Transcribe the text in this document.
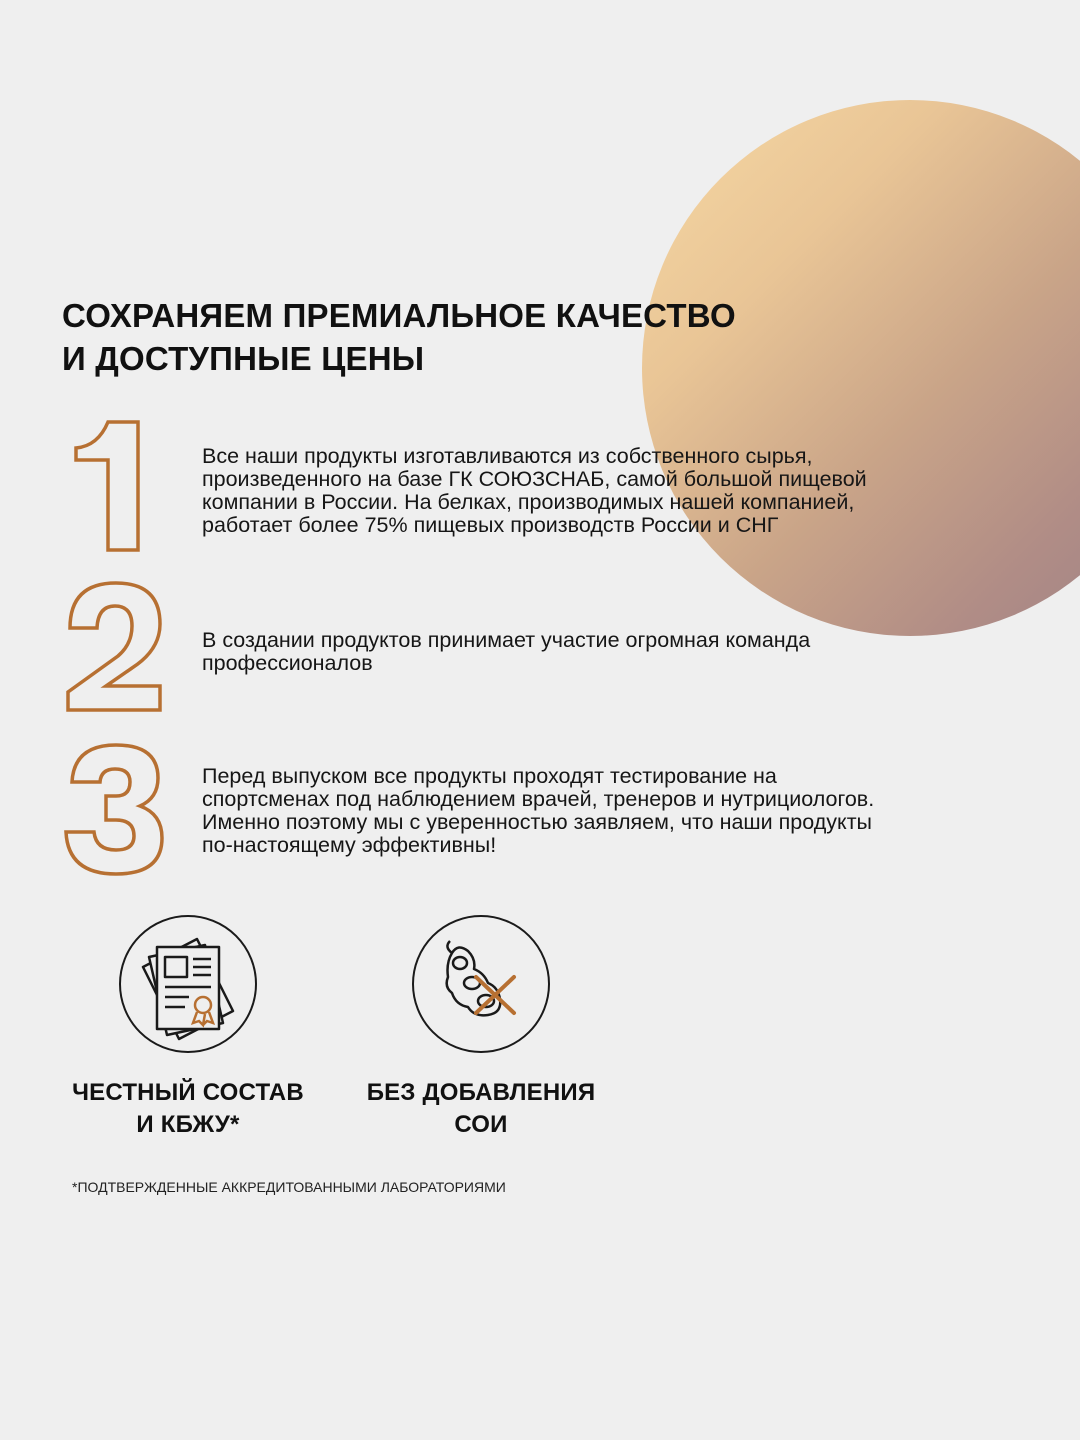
СОХРАНЯЕМ ПРЕМИАЛЬНОЕ КАЧЕСТВО
И ДОСТУПНЫЕ ЦЕНЫ

Все наши продукты изготавливаются из собственного сырья,
произведенного на базе ГК СОЮЗСНАБ, самой большой пищевой
компании в России. На белках, производимых нашей компанией,
работает более 75% пищевых производств России и СНГ

В создании продуктов принимает участие огромная команда
профессионалов

Перед выпуском все продукты проходят тестирование на
спортсменах под наблюдением врачей, тренеров и нутрициологов.
Именно поэтому мы с уверенностью заявляем, что наши продукты
по-настоящему эффективны!

ЧЕСТНЫЙ СОСТАВ
И КБЖУ*
БЕЗ ДОБАВЛЕНИЯ
СОИ
*ПОДТВЕРЖДЕННЫЕ АККРЕДИТОВАННЫМИ ЛАБОРАТОРИЯМИ
